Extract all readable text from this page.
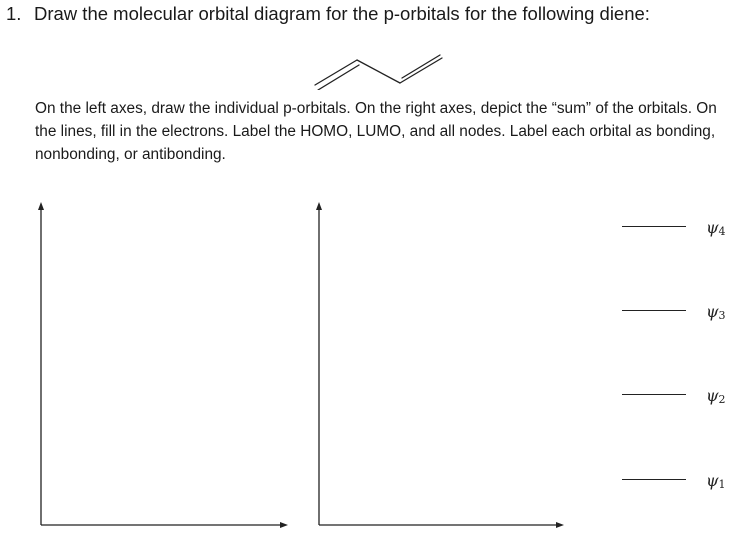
1. Draw the molecular orbital diagram for the p-orbitals for the following diene:
On the left axes, draw the individual p-orbitals. On the right axes, depict the “sum” of the orbitals. On the lines, fill in the electrons. Label the HOMO, LUMO, and all nodes. Label each orbital as bonding, nonbonding, or antibonding.
$\psi_4$
$\psi_3$
$\psi_2$
$\psi_1$
